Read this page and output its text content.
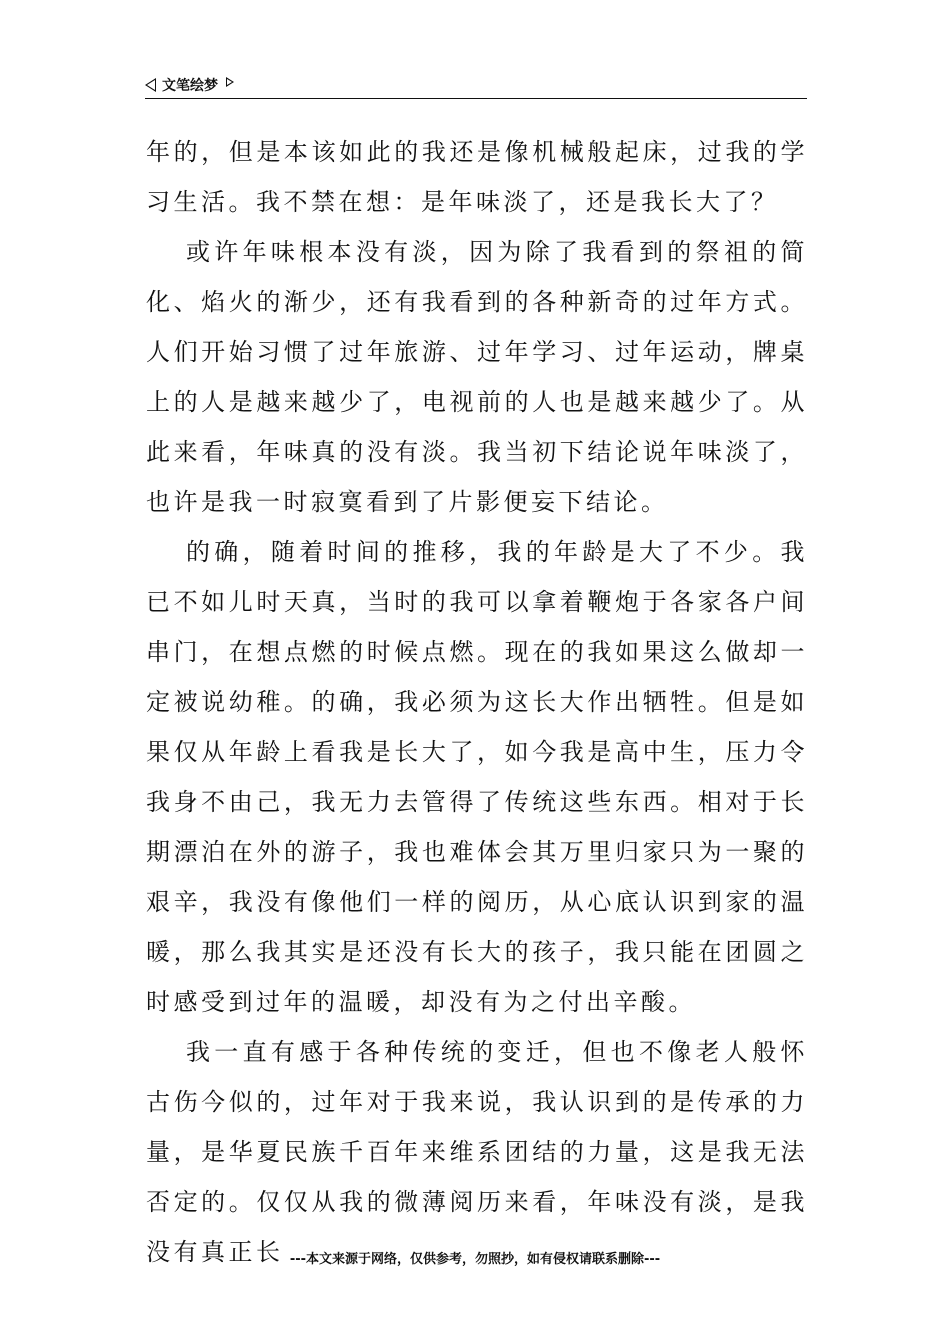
文笔绘梦

年的，但是本该如此的我还是像机械般起床，过我的学习生活。我不禁在想：是年味淡了，还是我长大了？

或许年味根本没有淡，因为除了我看到的祭祖的简化、焰火的渐少，还有我看到的各种新奇的过年方式。人们开始习惯了过年旅游、过年学习、过年运动，牌桌上的人是越来越少了，电视前的人也是越来越少了。从此来看，年味真的没有淡。我当初下结论说年味淡了，也许是我一时寂寞看到了片影便妄下结论。

的确，随着时间的推移，我的年龄是大了不少。我已不如儿时天真，当时的我可以拿着鞭炮于各家各户间串门，在想点燃的时候点燃。现在的我如果这么做却一定被说幼稚。的确，我必须为这长大作出牺牲。但是如果仅从年龄上看我是长大了，如今我是高中生，压力令我身不由己，我无力去管得了传统这些东西。相对于长期漂泊在外的游子，我也难体会其万里归家只为一聚的艰辛，我没有像他们一样的阅历，从心底认识到家的温暖，那么我其实是还没有长大的孩子，我只能在团圆之时感受到过年的温暖，却没有为之付出辛酸。

我一直有感于各种传统的变迁，但也不像老人般怀古伤今似的，过年对于我来说，我认识到的是传承的力量，是华夏民族千百年来维系团结的力量，这是我无法否定的。仅仅从我的微薄阅历来看，年味没有淡，是我没有真正长 ---本文来源于网络，仅供参考，勿照抄，如有侵权请联系删除---
